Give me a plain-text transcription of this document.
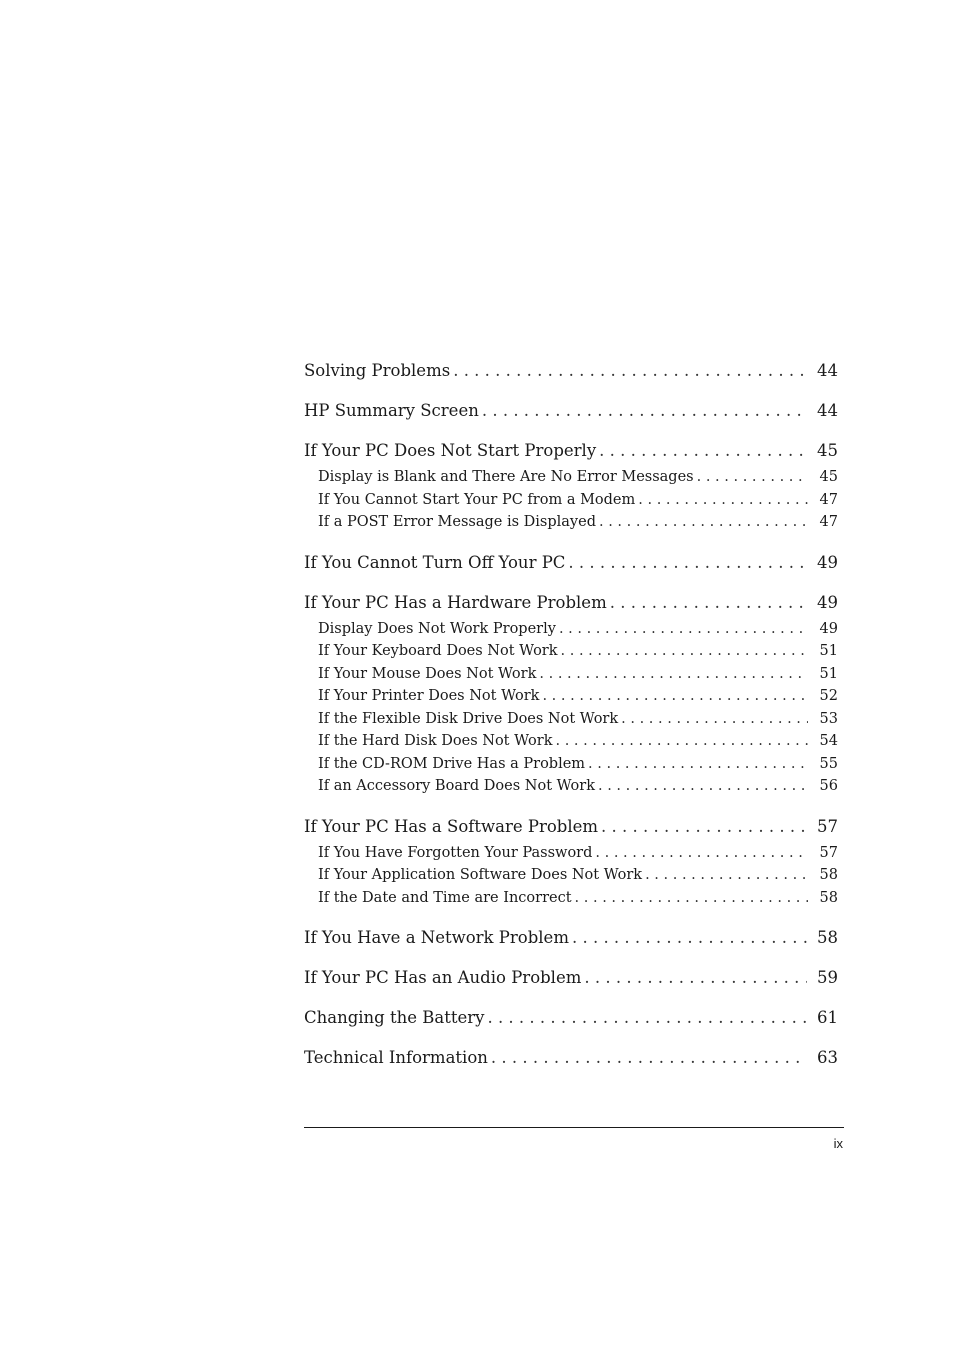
Solving Problems . . .	44
HP Summary Screen . . .	44
If Your PC Does Not Start Properly . . .	45
Display is Blank and There Are No Error Messages . . .	45
If You Cannot Start Your PC from a Modem . . .	47
If a POST Error Message is Displayed . . .	47
If You Cannot Turn Off Your PC . . .	49
If Your PC Has a Hardware Problem . . .	49
Display Does Not Work Properly . . .	49
If Your Keyboard Does Not Work . . .	51
If Your Mouse Does Not Work . . .	51
If Your Printer Does Not Work . . .	52
If the Flexible Disk Drive Does Not Work . . .	53
If the Hard Disk Does Not Work . . .	54
If the CD-ROM Drive Has a Problem . . .	55
If an Accessory Board Does Not Work . . .	56
If Your PC Has a Software Problem . . .	57
If You Have Forgotten Your Password . . .	57
If Your Application Software Does Not Work . . .	58
If the Date and Time are Incorrect . . .	58
If You Have a Network Problem . . .	58
If Your PC Has an Audio Problem . . .	59
Changing the Battery . . .	61
Technical Information . . .	63
ix
